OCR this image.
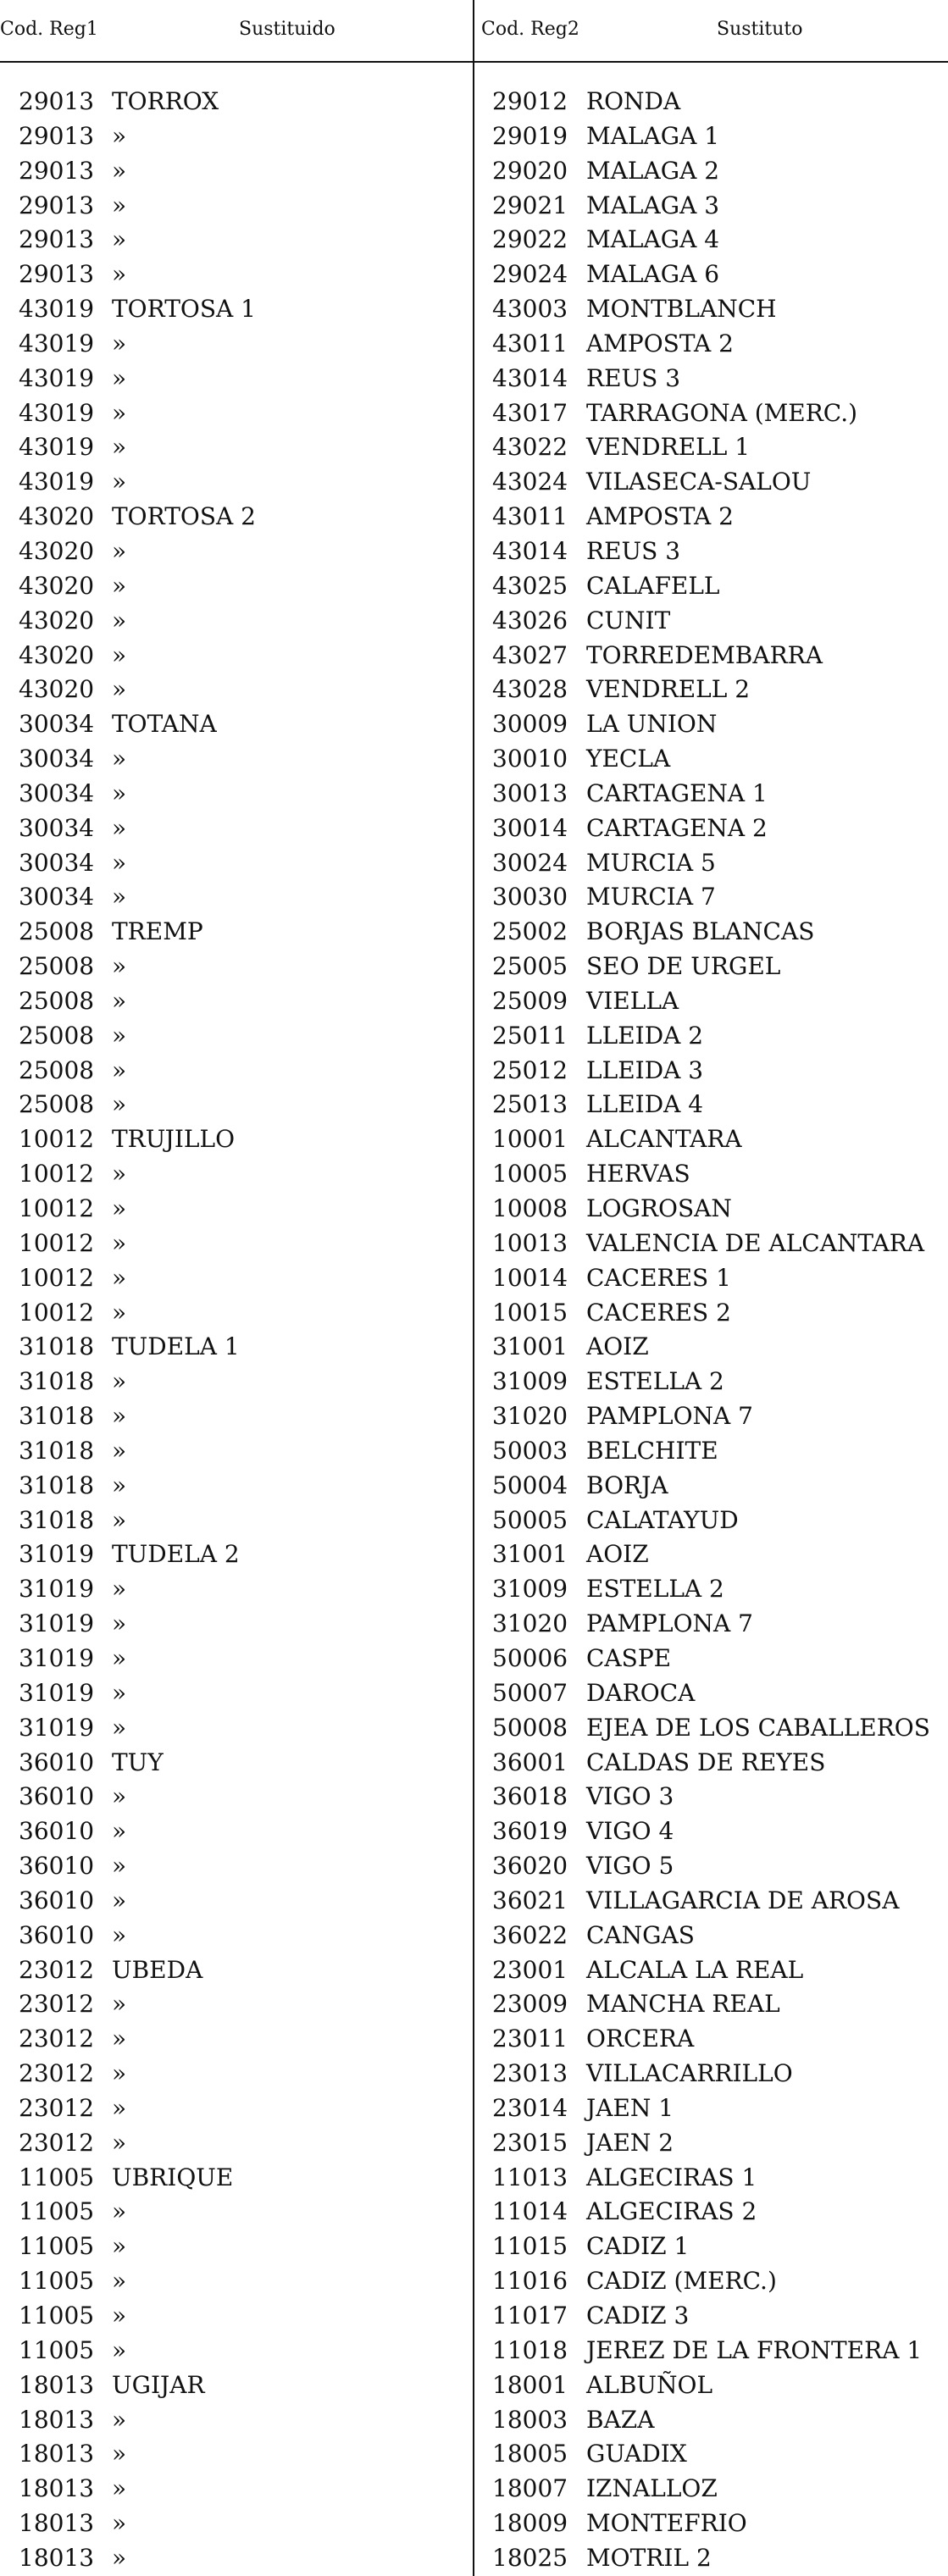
Cod. Reg1	Sustituido	Cod. Reg2	Sustituto
29013 TORROX	29012 RONDA
29013 »	29019 MALAGA 1
29013 »	29020 MALAGA 2
29013 »	29021 MALAGA 3
29013 »	29022 MALAGA 4
29013 »	29024 MALAGA 6
43019 TORTOSA 1	43003 MONTBLANCH
43019 »	43011 AMPOSTA 2
43019 »	43014 REUS 3
43019 »	43017 TARRAGONA (MERC.)
43019 »	43022 VENDRELL 1
43019 »	43024 VILASECA-SALOU
43020 TORTOSA 2	43011 AMPOSTA 2
43020 »	43014 REUS 3
43020 »	43025 CALAFELL
43020 »	43026 CUNIT
43020 »	43027 TORREDEMBARRA
43020 »	43028 VENDRELL 2
30034 TOTANA	30009 LA UNION
30034 »	30010 YECLA
30034 »	30013 CARTAGENA 1
30034 »	30014 CARTAGENA 2
30034 »	30024 MURCIA 5
30034 »	30030 MURCIA 7
25008 TREMP	25002 BORJAS BLANCAS
25008 »	25005 SEO DE URGEL
25008 »	25009 VIELLA
25008 »	25011 LLEIDA 2
25008 »	25012 LLEIDA 3
25008 »	25013 LLEIDA 4
10012 TRUJILLO	10001 ALCANTARA
10012 »	10005 HERVAS
10012 »	10008 LOGROSAN
10012 »	10013 VALENCIA DE ALCANTARA
10012 »	10014 CACERES 1
10012 »	10015 CACERES 2
31018 TUDELA 1	31001 AOIZ
31018 »	31009 ESTELLA 2
31018 »	31020 PAMPLONA 7
31018 »	50003 BELCHITE
31018 »	50004 BORJA
31018 »	50005 CALATAYUD
31019 TUDELA 2	31001 AOIZ
31019 »	31009 ESTELLA 2
31019 »	31020 PAMPLONA 7
31019 »	50006 CASPE
31019 »	50007 DAROCA
31019 »	50008 EJEA DE LOS CABALLEROS
36010 TUY	36001 CALDAS DE REYES
36010 »	36018 VIGO 3
36010 »	36019 VIGO 4
36010 »	36020 VIGO 5
36010 »	36021 VILLAGARCIA DE AROSA
36010 »	36022 CANGAS
23012 UBEDA	23001 ALCALA LA REAL
23012 »	23009 MANCHA REAL
23012 »	23011 ORCERA
23012 »	23013 VILLACARRILLO
23012 »	23014 JAEN 1
23012 »	23015 JAEN 2
11005 UBRIQUE	11013 ALGECIRAS 1
11005 »	11014 ALGECIRAS 2
11005 »	11015 CADIZ 1
11005 »	11016 CADIZ (MERC.)
11005 »	11017 CADIZ 3
11005 »	11018 JEREZ DE LA FRONTERA 1
18013 UGIJAR	18001 ALBUÑOL
18013 »	18003 BAZA
18013 »	18005 GUADIX
18013 »	18007 IZNALLOZ
18013 »	18009 MONTEFRIO
18013 »	18025 MOTRIL 2
